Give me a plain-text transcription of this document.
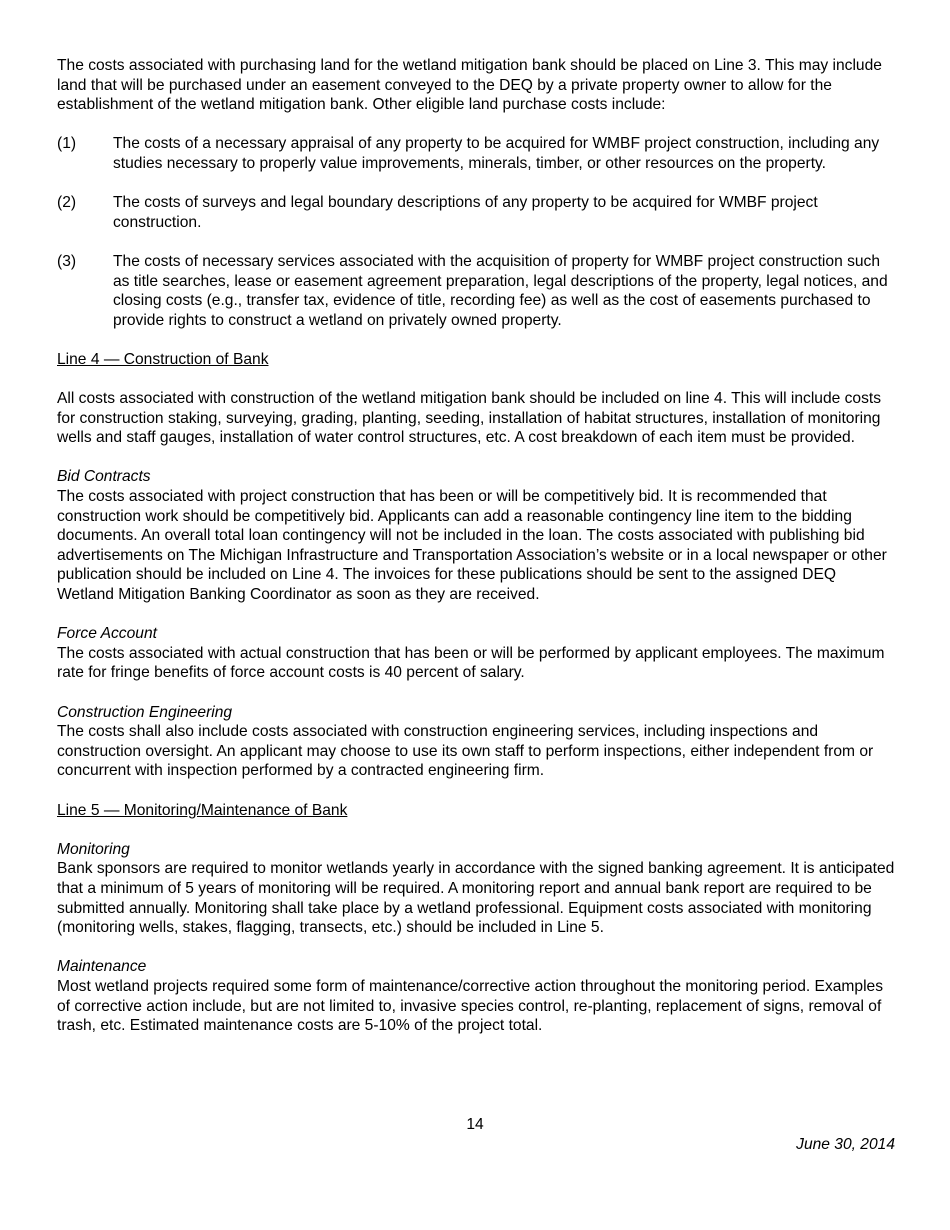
The costs associated with purchasing land for the wetland mitigation bank should be placed on Line 3. This may include land that will be purchased under an easement conveyed to the DEQ by a private property owner to allow for the establishment of the wetland mitigation bank. Other eligible land purchase costs include:

(1)	The costs of a necessary appraisal of any property to be acquired for WMBF project construction, including any studies necessary to properly value improvements, minerals, timber, or other resources on the property.
(2)	The costs of surveys and legal boundary descriptions of any property to be acquired for WMBF project construction.
(3)	The costs of necessary services associated with the acquisition of property for WMBF project construction such as title searches, lease or easement agreement preparation, legal descriptions of the property, legal notices, and closing costs (e.g., transfer tax, evidence of title, recording fee) as well as the cost of easements purchased to provide rights to construct a wetland on privately owned property.

Line 4 — Construction of Bank

All costs associated with construction of the wetland mitigation bank should be included on line 4. This will include costs for construction staking, surveying, grading, planting, seeding, installation of habitat structures, installation of monitoring wells and staff gauges, installation of water control structures, etc. A cost breakdown of each item must be provided.

Bid Contracts

The costs associated with project construction that has been or will be competitively bid. It is recommended that construction work should be competitively bid. Applicants can add a reasonable contingency line item to the bidding documents. An overall total loan contingency will not be included in the loan. The costs associated with publishing bid advertisements on The Michigan Infrastructure and Transportation Association’s website or in a local newspaper or other publication should be included on Line 4. The invoices for these publications should be sent to the assigned DEQ Wetland Mitigation Banking Coordinator as soon as they are received.

Force Account

The costs associated with actual construction that has been or will be performed by applicant employees. The maximum rate for fringe benefits of force account costs is 40 percent of salary.

Construction Engineering

The costs shall also include costs associated with construction engineering services, including inspections and construction oversight. An applicant may choose to use its own staff to perform inspections, either independent from or concurrent with inspection performed by a contracted engineering firm.

Line 5 — Monitoring/Maintenance of Bank

Monitoring

Bank sponsors are required to monitor wetlands yearly in accordance with the signed banking agreement. It is anticipated that a minimum of 5 years of monitoring will be required. A monitoring report and annual bank report are required to be submitted annually. Monitoring shall take place by a wetland professional. Equipment costs associated with monitoring (monitoring wells, stakes, flagging, transects, etc.) should be included in Line 5.

Maintenance

Most wetland projects required some form of maintenance/corrective action throughout the monitoring period. Examples of corrective action include, but are not limited to, invasive species control, re-planting, replacement of signs, removal of trash, etc. Estimated maintenance costs are 5-10% of the project total.

14
June 30, 2014
